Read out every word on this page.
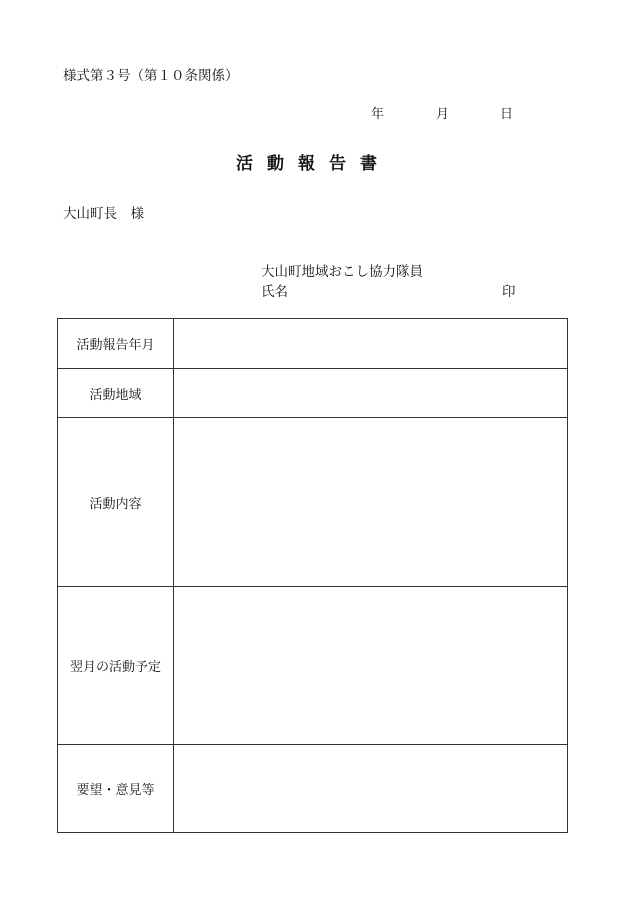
様式第３号（第１０条関係）
年	月	日
活動報告書
大山町長　様
大山町地域おこし協力隊員
氏名	印
活動報告年月	
活動地域	
活動内容	
翌月の活動予定	
要望・意見等	
